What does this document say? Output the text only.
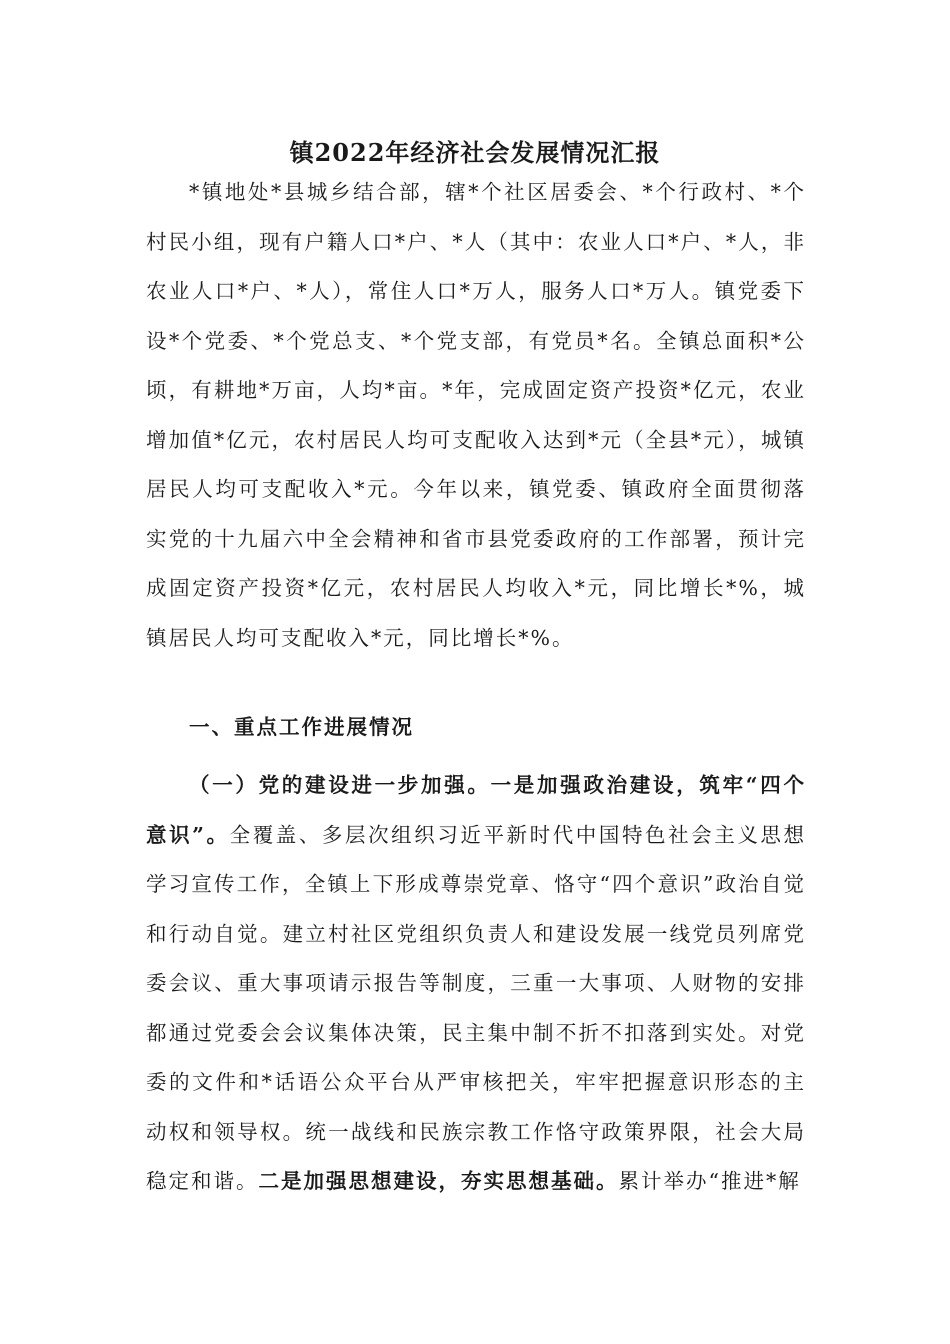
镇2022年经济社会发展情况汇报

*镇地处*县城乡结合部，辖*个社区居委会、*个行政村、*个村民小组，现有户籍人口*户、*人（其中：农业人口*户、*人，非农业人口*户、*人），常住人口*万人，服务人口*万人。镇党委下设*个党委、*个党总支、*个党支部，有党员*名。全镇总面积*公顷，有耕地*万亩，人均*亩。*年，完成固定资产投资*亿元，农业增加值*亿元，农村居民人均可支配收入达到*元（全县*元），城镇居民人均可支配收入*元。今年以来，镇党委、镇政府全面贯彻落实党的十九届六中全会精神和省市县党委政府的工作部署，预计完成固定资产投资*亿元，农村居民人均收入*元，同比增长*%，城镇居民人均可支配收入*元，同比增长*%。

一、重点工作进展情况

（一）党的建设进一步加强。一是加强政治建设，筑牢“四个意识”。全覆盖、多层次组织习近平新时代中国特色社会主义思想学习宣传工作，全镇上下形成尊崇党章、恪守“四个意识”政治自觉和行动自觉。建立村社区党组织负责人和建设发展一线党员列席党委会议、重大事项请示报告等制度，三重一大事项、人财物的安排都通过党委会会议集体决策，民主集中制不折不扣落到实处。对党委的文件和*话语公众平台从严审核把关，牢牢把握意识形态的主动权和领导权。统一战线和民族宗教工作恪守政策界限，社会大局稳定和谐。二是加强思想建设，夯实思想基础。累计举办“推进*解
